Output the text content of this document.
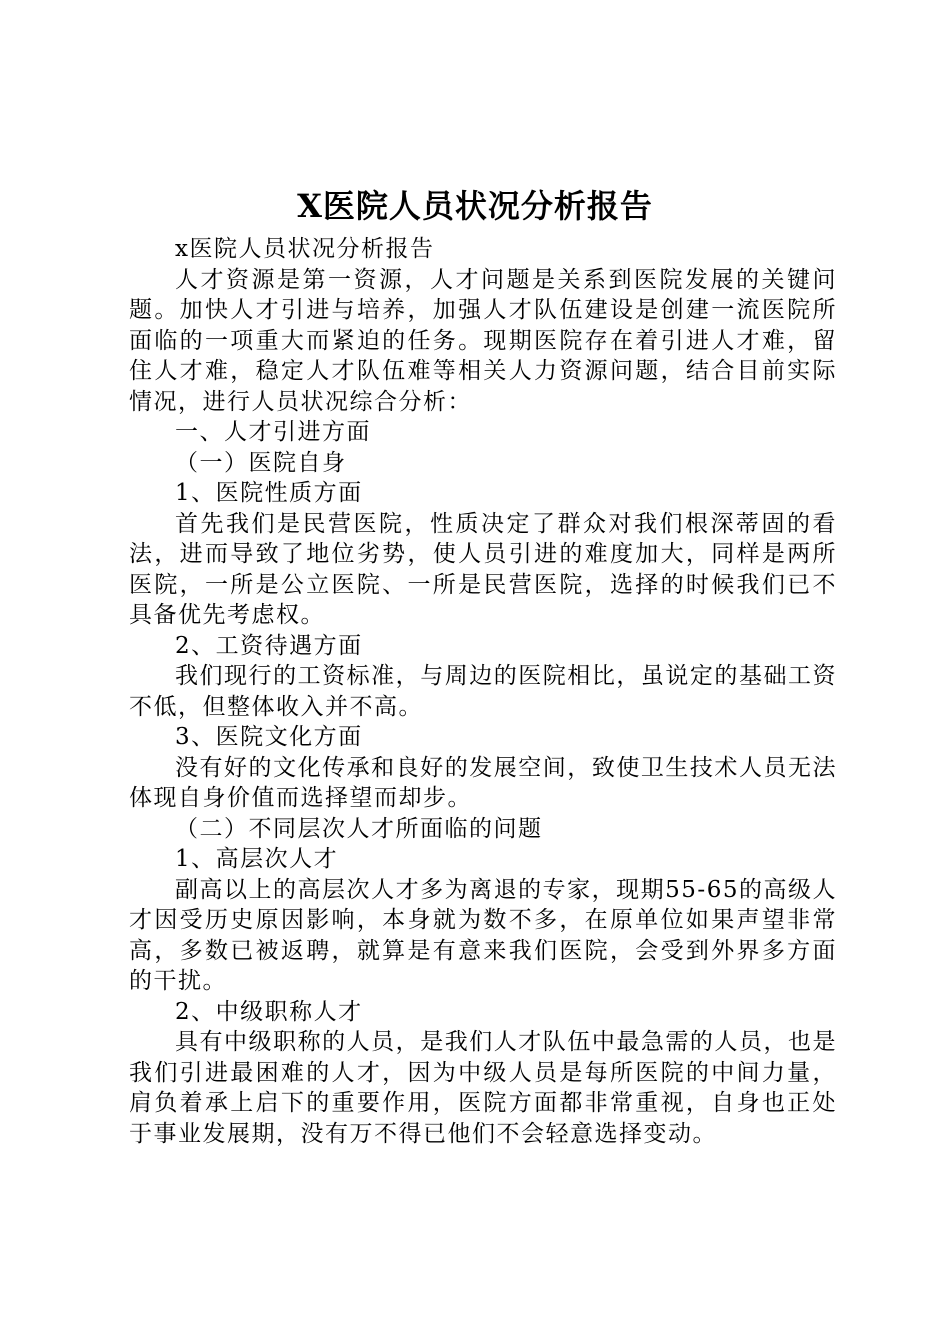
X医院人员状况分析报告

x医院人员状况分析报告

人才资源是第一资源，人才问题是关系到医院发展的关键问题。加快人才引进与培养，加强人才队伍建设是创建一流医院所面临的一项重大而紧迫的任务。现期医院存在着引进人才难，留住人才难，稳定人才队伍难等相关人力资源问题，结合目前实际情况，进行人员状况综合分析：

一、人才引进方面

（一）医院自身

1、医院性质方面

首先我们是民营医院，性质决定了群众对我们根深蒂固的看法，进而导致了地位劣势，使人员引进的难度加大，同样是两所医院，一所是公立医院、一所是民营医院，选择的时候我们已不具备优先考虑权。

2、工资待遇方面

我们现行的工资标准，与周边的医院相比，虽说定的基础工资不低，但整体收入并不高。

3、医院文化方面

没有好的文化传承和良好的发展空间，致使卫生技术人员无法体现自身价值而选择望而却步。

（二）不同层次人才所面临的问题

1、高层次人才

副高以上的高层次人才多为离退的专家，现期55-65的高级人才因受历史原因影响，本身就为数不多，在原单位如果声望非常高，多数已被返聘，就算是有意来我们医院，会受到外界多方面的干扰。

2、中级职称人才

具有中级职称的人员，是我们人才队伍中最急需的人员，也是我们引进最困难的人才，因为中级人员是每所医院的中间力量，肩负着承上启下的重要作用，医院方面都非常重视，自身也正处于事业发展期，没有万不得已他们不会轻意选择变动。
